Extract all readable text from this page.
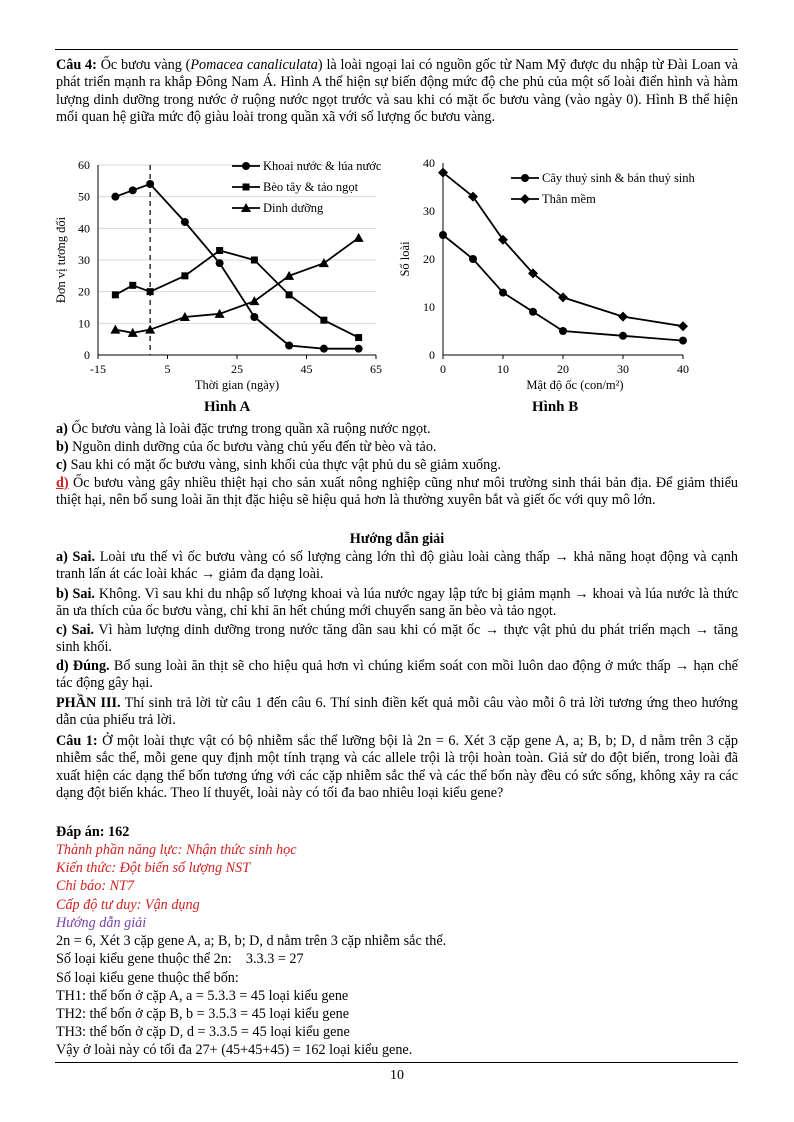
Câu 4: Ốc bươu vàng (Pomacea canaliculata) là loài ngoại lai có nguồn gốc từ Nam Mỹ được du nhập từ Đài Loan và phát triển mạnh ra khắp Đông Nam Á. Hình A thể hiện sự biến động mức độ che phủ của một số loài điển hình và hàm lượng dinh dưỡng trong nước ở ruộng nước ngọt trước và sau khi có mặt ốc bươu vàng (vào ngày 0). Hình B thể hiện mối quan hệ giữa mức độ giàu loài trong quần xã với số lượng ốc bươu vàng.
0
10
20
30
40
50
60
-15	5	25	45	65
Thời gian (ngày)
Đơn vị tương đối
Khoai nước & lúa nước
Bèo tây & tảo ngọt
Dinh dưỡng
0
10
20
30
40
0	10	20	30	40
Mật độ ốc (con/m²)
Số loài
Cây thuỷ sinh & bán thuỷ sinh
Thân mềm
Hình A	Hình B
a) Ốc bươu vàng là loài đặc trưng trong quần xã ruộng nước ngọt.
b) Nguồn dinh dưỡng của ốc bươu vàng chủ yếu đến từ bèo và tảo.
c) Sau khi có mặt ốc bươu vàng, sinh khối của thực vật phủ du sẽ giảm xuống.
d) Ốc bươu vàng gây nhiều thiệt hại cho sản xuất nông nghiệp cũng như môi trường sinh thái bản địa. Để giảm thiểu thiệt hại, nên bổ sung loài ăn thịt đặc hiệu sẽ hiệu quả hơn là thường xuyên bắt và giết ốc với quy mô lớn.
Hướng dẫn giải
a) Sai. Loài ưu thế vì ốc bươu vàng có số lượng càng lớn thì độ giàu loài càng thấp → khả năng hoạt động và cạnh tranh lấn át các loài khác → giảm đa dạng loài.
b) Sai. Không. Vì sau khi du nhập số lượng khoai và lúa nước ngay lập tức bị giảm mạnh → khoai và lúa nước là thức ăn ưa thích của ốc bươu vàng, chỉ khi ăn hết chúng mới chuyển sang ăn bèo và tảo ngọt.
c) Sai. Vì hàm lượng dinh dưỡng trong nước tăng dần sau khi có mặt ốc → thực vật phủ du phát triển mạch → tăng sinh khối.
d) Đúng. Bổ sung loài ăn thịt sẽ cho hiệu quả hơn vì chúng kiểm soát con mồi luôn dao động ở mức thấp → hạn chế tác động gây hại.
PHẦN III. Thí sinh trả lời từ câu 1 đến câu 6. Thí sinh điền kết quả mỗi câu vào mỗi ô trả lời tương ứng theo hướng dẫn của phiếu trả lời.
Câu 1: Ở một loài thực vật có bộ nhiễm sắc thể lưỡng bội là 2n = 6. Xét 3 cặp gene A, a; B, b; D, d nằm trên 3 cặp nhiễm sắc thể, mỗi gene quy định một tính trạng và các allele trội là trội hoàn toàn. Giả sử do đột biến, trong loài đã xuất hiện các dạng thể bốn tương ứng với các cặp nhiễm sắc thể và các thể bốn này đều có sức sống, không xảy ra các dạng đột biến khác. Theo lí thuyết, loài này có tối đa bao nhiêu loại kiểu gene?
Đáp án: 162
Thành phần năng lực: Nhận thức sinh học
Kiến thức: Đột biến số lượng NST
Chỉ báo: NT7
Cấp độ tư duy: Vận dụng
Hướng dẫn giải
2n = 6, Xét 3 cặp gene A, a; B, b; D, d nằm trên 3 cặp nhiễm sắc thể.
Số loại kiểu gene thuộc thể 2n:    3.3.3 = 27
Số loại kiểu gene thuộc thể bốn:
TH1: thể bốn ở cặp A, a = 5.3.3 = 45 loại kiểu gene
TH2: thể bốn ở cặp B, b = 3.5.3 = 45 loại kiểu gene
TH3: thể bốn ở cặp D, d = 3.3.5 = 45 loại kiểu gene
Vậy ở loài này có tối đa 27+ (45+45+45) = 162 loại kiểu gene.
10
